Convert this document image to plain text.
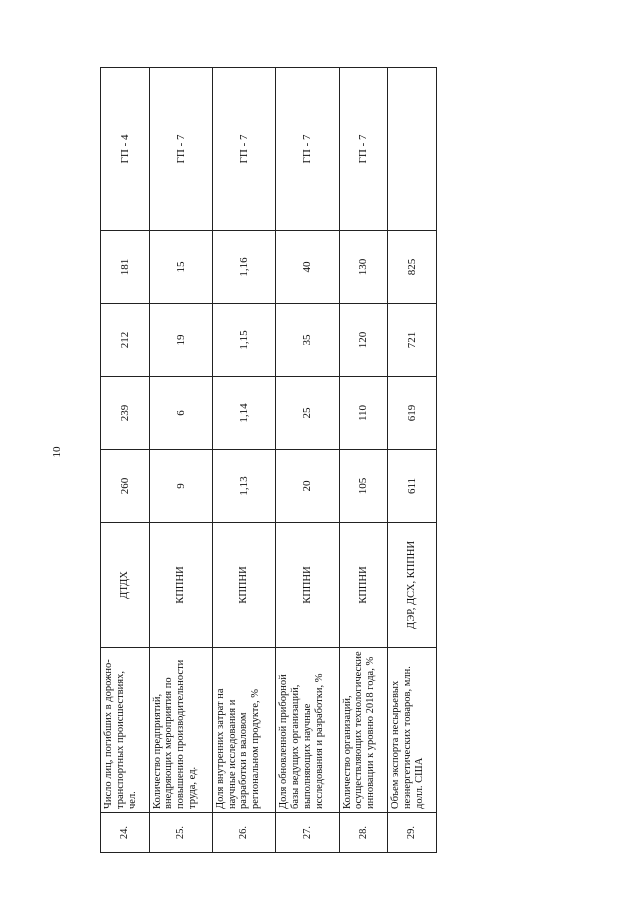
10
24.	Число лиц, погибших в дорожно-транспортных происшествиях, чел.	ДТДХ	260	239	212	181	ГП - 4
25.	Количество предприятий, внедряющих мероприятия по повышению производительности труда, ед.	КППНИ	9	6	19	15	ГП - 7
26.	Доля внутренних затрат на научные исследования и разработки в валовом региональном продукте, %	КППНИ	1,13	1,14	1,15	1,16	ГП - 7
27.	Доля обновленной приборной базы ведущих организаций, выполняющих научные исследования и разработки, %	КППНИ	20	25	35	40	ГП - 7
28.	Количество организаций, осуществляющих технологические инновации к уровню 2018 года, %	КППНИ	105	110	120	130	ГП - 7
29.	Объем экспорта несырьевых неэнергетических товаров, млн. долл. США	ДЭР, ДСХ, КППНИ	611	619	721	825	
